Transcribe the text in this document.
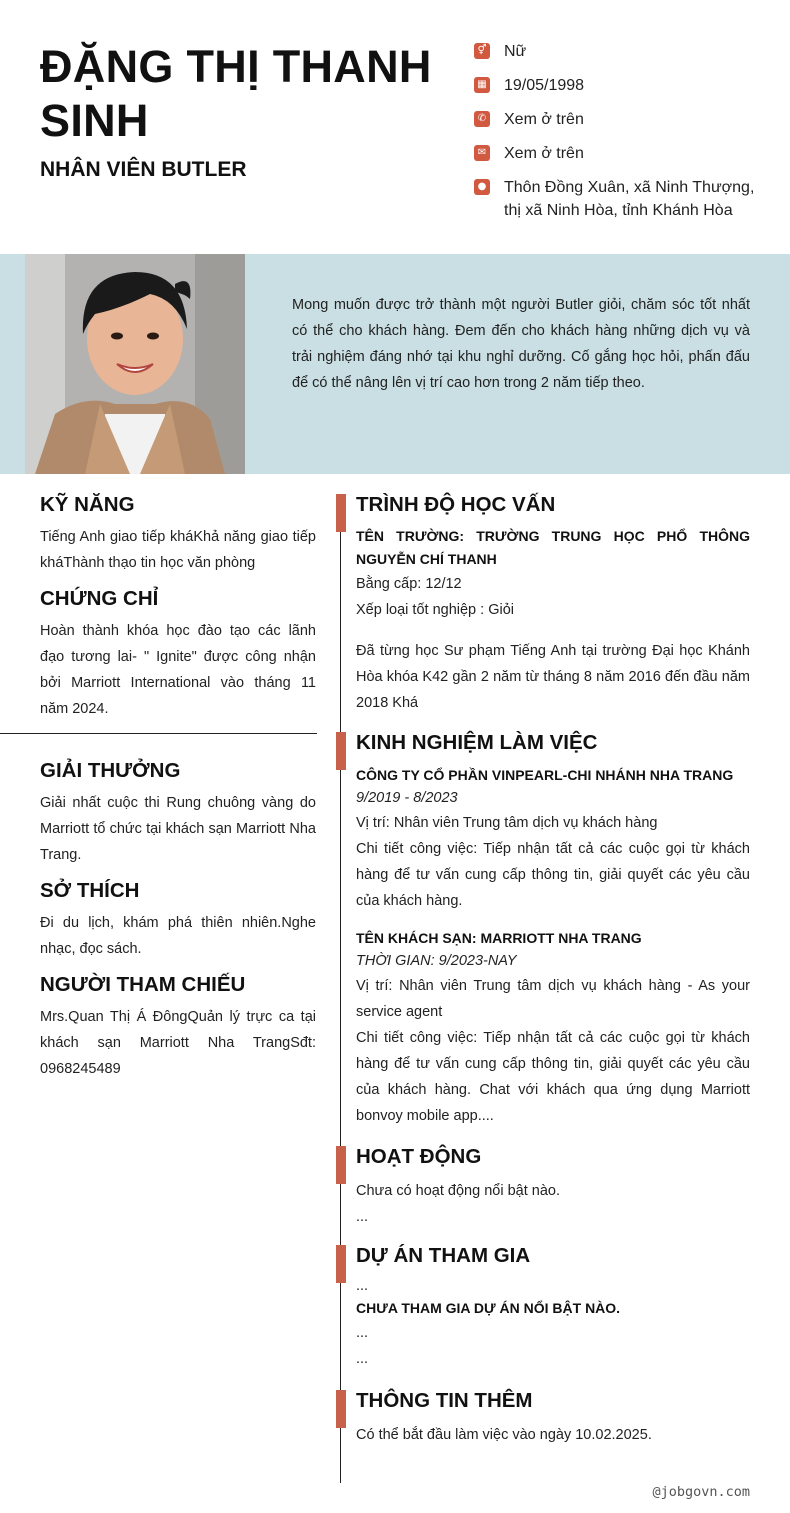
ĐẶNG THỊ THANH SINH
NHÂN VIÊN BUTLER
⚥ Nữ
▦ 19/05/1998
✆ Xem ở trên
✉ Xem ở trên
● Thôn Đồng Xuân, xã Ninh Thượng, thị xã Ninh Hòa, tỉnh Khánh Hòa
Mong muốn được trở thành một người Butler giỏi, chăm sóc tốt nhất có thể cho khách hàng. Đem đến cho khách hàng những dịch vụ và trải nghiệm đáng nhớ tại khu nghỉ dưỡng. Cố gắng học hỏi, phấn đấu để có thể nâng lên vị trí cao hơn trong 2 năm tiếp theo.
KỸ NĂNG
Tiếng Anh giao tiếp kháKhả năng giao tiếp kháThành thạo tin học văn phòng
CHỨNG CHỈ
Hoàn thành khóa học đào tạo các lãnh đạo tương lai- " Ignite" được công nhận bởi Marriott International vào tháng 11 năm 2024.
GIẢI THƯỞNG
Giải nhất cuộc thi Rung chuông vàng do Marriott tổ chức tại khách sạn Marriott Nha Trang.
SỞ THÍCH
Đi du lịch, khám phá thiên nhiên.Nghe nhạc, đọc sách.
NGƯỜI THAM CHIẾU
Mrs.Quan Thị Á ĐôngQuản lý trực ca tại khách sạn Marriott Nha TrangSđt: 0968245489
TRÌNH ĐỘ HỌC VẤN
TÊN TRƯỜNG: TRƯỜNG TRUNG HỌC PHỔ THÔNG NGUYỄN CHÍ THANH
Bằng cấp: 12/12
Xếp loại tốt nghiệp : Giỏi
Đã từng học Sư phạm Tiếng Anh tại trường Đại học Khánh Hòa khóa K42 gần 2 năm từ tháng 8 năm 2016 đến đầu năm 2018 Khá
KINH NGHIỆM LÀM VIỆC
CÔNG TY CỔ PHẦN VINPEARL-CHI NHÁNH NHA TRANG
9/2019 - 8/2023
Vị trí: Nhân viên Trung tâm dịch vụ khách hàng
Chi tiết công việc: Tiếp nhận tất cả các cuộc gọi từ khách hàng để tư vấn cung cấp thông tin, giải quyết các yêu cầu của khách hàng.
TÊN KHÁCH SẠN: MARRIOTT NHA TRANG
THỜI GIAN: 9/2023-NAY
Vị trí: Nhân viên Trung tâm dịch vụ khách hàng - As your service agent
Chi tiết công việc: Tiếp nhận tất cả các cuộc gọi từ khách hàng để tư vấn cung cấp thông tin, giải quyết các yêu cầu của khách hàng. Chat với khách qua ứng dụng Marriott bonvoy mobile app....
HOẠT ĐỘNG
Chưa có hoạt động nổi bật nào.
...
DỰ ÁN THAM GIA
...
CHƯA THAM GIA DỰ ÁN NỔI BẬT NÀO.
...
...
THÔNG TIN THÊM
Có thể bắt đầu làm việc vào ngày 10.02.2025.
@jobgovn.com
